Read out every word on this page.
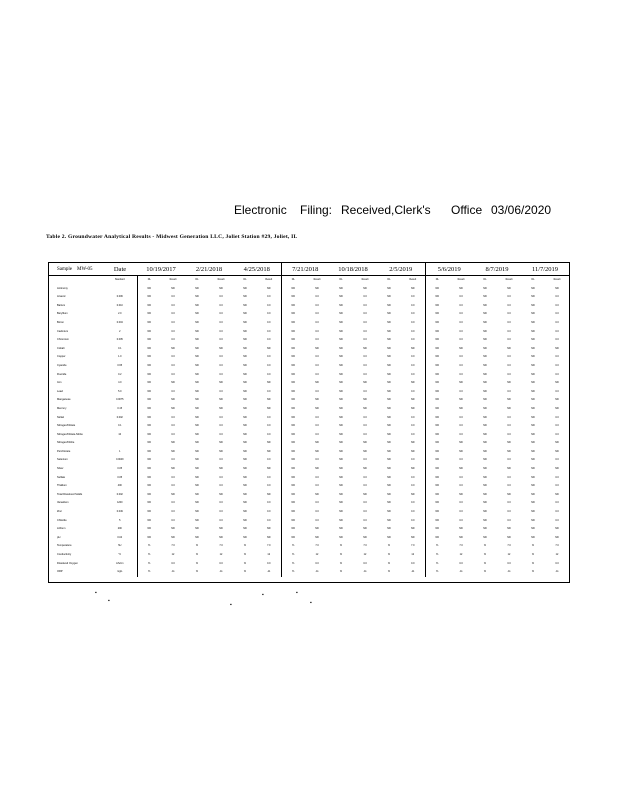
Electronic Filing: Received,Clerk's Office 03/06/2020
Table 2. Groundwater Analytical Results - Midwest Generation LLC, Joliet Station #29, Joliet, IL
Sample MW-05	Date	10/19/2017		2/21/2018		4/25/2018		7/21/2018		10/18/2018		2/5/2019		5/6/2019		8/7/2019		11/7/2019	
	Standard	DL	Result	DL	Result	DL	Result	DL	Result	DL	Result	DL	Result	DL	Result	DL	Result	DL	Result
Antimony		ND	ND	ND	ND	ND	ND	ND	ND	ND	ND	ND	ND	ND	ND	ND	ND	ND	ND
Arsenic	0.006	ND	0.0	ND	0.0	ND	0.0	ND	0.0	ND	0.0	ND	0.0	ND	0.0	ND	0.0	ND	0.0
Barium	0.010	ND	0.0	ND	0.0	ND	0.0	ND	0.0	ND	0.0	ND	0.0	ND	0.0	ND	0.0	ND	0.0
Beryllium	2.0	ND	0.0	ND	0.0	ND	0.0	ND	0.0	ND	0.0	ND	0.0	ND	0.0	ND	0.0	ND	0.0
Boron	0.004	ND	0.0	ND	0.0	ND	0.0	ND	0.0	ND	0.0	ND	0.0	ND	0.0	ND	0.0	ND	0.0
Cadmium	2	ND	0.0	ND	0.0	ND	0.0	ND	0.0	ND	0.0	ND	0.0	ND	0.0	ND	0.0	ND	0.0
Chromium	0.005	ND	0.0	ND	0.0	ND	0.0	ND	0.0	ND	0.0	ND	0.0	ND	0.0	ND	0.0	ND	0.0
Cobalt	0.1	ND	ND	ND	ND	ND	ND	ND	ND	ND	ND	ND	ND	ND	ND	ND	ND	ND	ND
Copper	1.0	ND	0.0	ND	0.0	ND	0.0	ND	0.0	ND	0.0	ND	0.0	ND	0.0	ND	0.0	ND	0.0
Cyanide	0.65	ND	0.0	ND	0.0	ND	0.0	ND	0.0	ND	0.0	ND	0.0	ND	0.0	ND	0.0	ND	0.0
Fluoride	0.2	ND	0.0	ND	0.0	ND	0.0	ND	0.0	ND	0.0	ND	0.0	ND	0.0	ND	0.0	ND	0.0
Iron	4.0	ND	ND	ND	ND	ND	ND	ND	ND	ND	ND	ND	ND	ND	ND	ND	ND	ND	ND
Lead	5.0	ND	0.0	ND	0.0	ND	0.0	ND	0.0	ND	0.0	ND	0.0	ND	0.0	ND	0.0	ND	0.0
Manganese	0.0075	ND	ND	ND	ND	ND	ND	ND	ND	ND	ND	ND	ND	ND	ND	ND	ND	ND	ND
Mercury	0.15	ND	ND	ND	ND	ND	ND	ND	ND	ND	ND	ND	ND	ND	ND	ND	ND	ND	ND
Nickel	0.002	ND	0.0	ND	0.0	ND	0.0	ND	0.0	ND	0.0	ND	0.0	ND	0.0	ND	0.0	ND	0.0
Nitrogen/Nitrate	0.1	ND	0.0	ND	0.0	ND	0.0	ND	0.0	ND	0.0	ND	0.0	ND	0.0	ND	0.0	ND	0.0
Nitrogen/Nitrate-Nitrite	10	ND	0.0	ND	0.0	ND	0.0	ND	0.0	ND	0.0	ND	0.0	ND	0.0	ND	0.0	ND	0.0
Nitrogen/Nitrite		ND	ND	ND	ND	ND	ND	ND	ND	ND	ND	ND	ND	ND	ND	ND	ND	ND	ND
Perchlorate	1	ND	ND	ND	ND	ND	ND	ND	ND	ND	ND	ND	ND	ND	ND	ND	ND	ND	ND
Selenium	0.0049	ND	0.0	ND	0.0	ND	0.0	ND	0.0	ND	0.0	ND	0.0	ND	0.0	ND	0.0	ND	0.0
Silver	0.05	ND	ND	ND	ND	ND	ND	ND	ND	ND	ND	ND	ND	ND	ND	ND	ND	ND	ND
Sulfate	0.05	ND	0.0	ND	0.0	ND	0.0	ND	0.0	ND	0.0	ND	0.0	ND	0.0	ND	0.0	ND	0.0
Thallium	400	ND	0.0	ND	0.0	ND	0.0	ND	0.0	ND	0.0	ND	0.0	ND	0.0	ND	0.0	ND	0.0
Total Dissolved Solids	0.002	ND	ND	ND	ND	ND	ND	ND	ND	ND	ND	ND	ND	ND	ND	ND	ND	ND	ND
Vanadium	1200	ND	0.0	ND	0.0	ND	0.0	ND	0.0	ND	0.0	ND	0.0	ND	0.0	ND	0.0	ND	0.0
Zinc	0.049	ND	0.0	ND	0.0	ND	0.0	ND	0.0	ND	0.0	ND	0.0	ND	0.0	ND	0.0	ND	0.0
Chloride	5	ND	0.0	ND	0.0	ND	0.0	ND	0.0	ND	0.0	ND	0.0	ND	0.0	ND	0.0	ND	0.0
Lithium	200	ND	ND	ND	ND	ND	ND	ND	ND	ND	ND	ND	ND	ND	ND	ND	ND	ND	ND
pH	0.04	ND	ND	ND	ND	ND	ND	ND	ND	ND	ND	ND	ND	ND	ND	ND	ND	ND	ND
Temperature	SU	%	7.0	%	7.0	%	7.0	%	7.0	%	7.0	%	7.0	%	7.0	%	7.0	%	7.0
Conductivity	°C	%	12	%	12	%	12	%	12	%	12	%	12	%	12	%	12	%	12
Dissolved Oxygen	mS/cm	%	0.0	%	0.0	%	0.0	%	0.0	%	0.0	%	0.0	%	0.0	%	0.0	%	0.0
ORP	mg/L	%	-11	%	-11	%	-11	%	-11	%	-11	%	-11	%	-11	%	-11	%	-11
▪
▪
▪
▪	▪
▪
